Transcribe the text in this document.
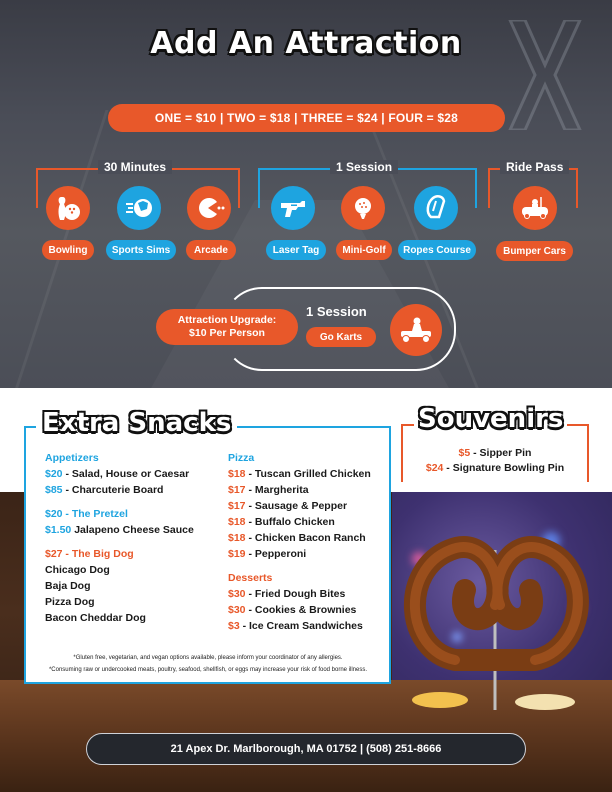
Add An Attraction
ONE = $10 | TWO = $18 | THREE = $24 | FOUR = $28
30 Minutes	1 Session	Ride Pass
Bowling	Sports Sims	Arcade	Laser Tag	Mini-Golf	Ropes Course	Bumper Cars
Attraction Upgrade:
$10 Per Person
1 Session
Go Karts
Extra Snacks
Appetizers
$20 - Salad, House or Caesar
$85 - Charcuterie Board
$20 - The Pretzel
$1.50 Jalapeno Cheese Sauce
$27 - The Big Dog
Chicago Dog
Baja Dog
Pizza Dog
Bacon Cheddar Dog
Pizza
$18 - Tuscan Grilled Chicken
$17 - Margherita
$17 - Sausage & Pepper
$18 - Buffalo Chicken
$18 - Chicken Bacon Ranch
$19 - Pepperoni
Desserts
$30 - Fried Dough Bites
$30 - Cookies & Brownies
$3 - Ice Cream Sandwiches
*Gluten free, vegetarian, and vegan options available, please inform your coordinator of any allergies.
*Consuming raw or undercooked meats, poultry, seafood, shellfish, or eggs may increase your risk of food borne illness.
Souvenirs
$5 - Sipper Pin
$24 - Signature Bowling Pin
21 Apex Dr. Marlborough, MA 01752 | (508) 251-8666
